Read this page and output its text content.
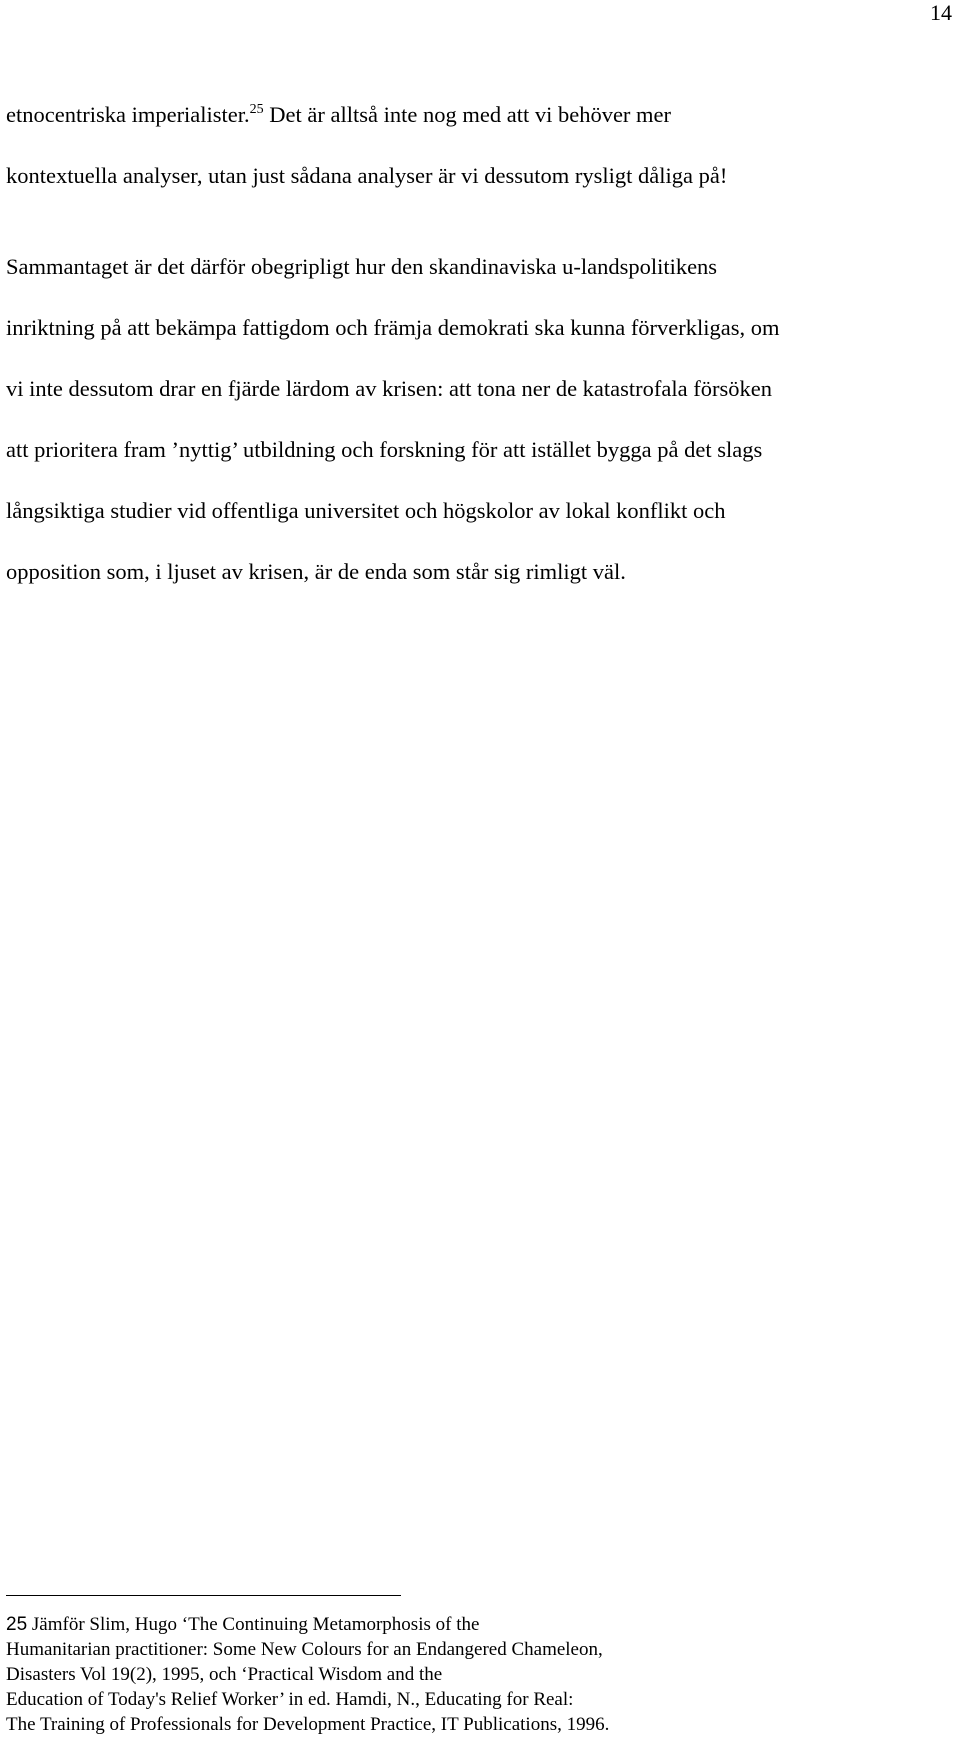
14
etnocentriska imperialister.$^{25}$ Det är alltså inte nog med att vi behöver mer
kontextuella analyser, utan just sådana analyser är vi dessutom rysligt dåliga på!
Sammantaget är det därför obegripligt hur den skandinaviska u-landspolitikens
inriktning på att bekämpa fattigdom och främja demokrati ska kunna förverkligas, om
vi inte dessutom drar en fjärde lärdom av krisen: att tona ner de katastrofala försöken
att prioritera fram ’nyttig’ utbildning och forskning för att istället bygga på det slags
långsiktiga studier vid offentliga universitet och högskolor av lokal konflikt och
opposition som, i ljuset av krisen, är de enda som står sig rimligt väl.
25 Jämför Slim, Hugo ‘The Continuing Metamorphosis of the
Humanitarian practitioner: Some New Colours for an Endangered Chameleon,
Disasters Vol 19(2), 1995, och ‘Practical Wisdom and the
Education of Today's Relief Worker’ in ed. Hamdi, N., Educating for Real:
The Training of Professionals for Development Practice, IT Publications, 1996.
